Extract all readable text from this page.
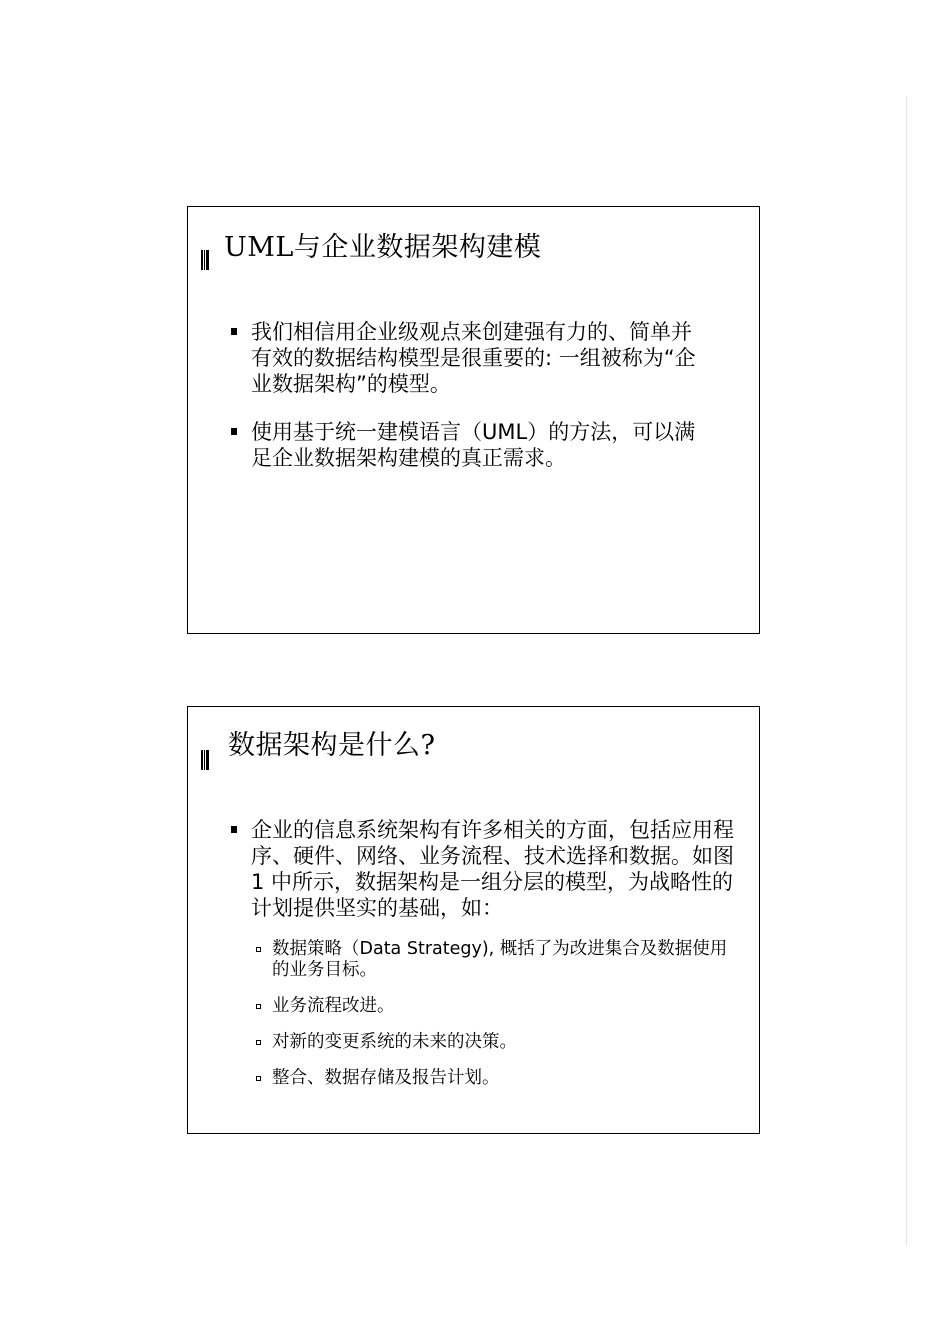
UML与企业数据架构建模
我们相信用企业级观点来创建强有力的、简单并有效的数据结构模型是很重要的: 一组被称为“企业数据架构”的模型。
使用基于统一建模语言（UML）的方法，可以满足企业数据架构建模的真正需求。
数据架构是什么?
企业的信息系统架构有许多相关的方面，包括应用程序、硬件、网络、业务流程、技术选择和数据。如图 1 中所示，数据架构是一组分层的模型，为战略性的计划提供坚实的基础，如：
数据策略（Data Strategy), 概括了为改进集合及数据使用的业务目标。
业务流程改进。
对新的变更系统的未来的决策。
整合、数据存储及报告计划。
